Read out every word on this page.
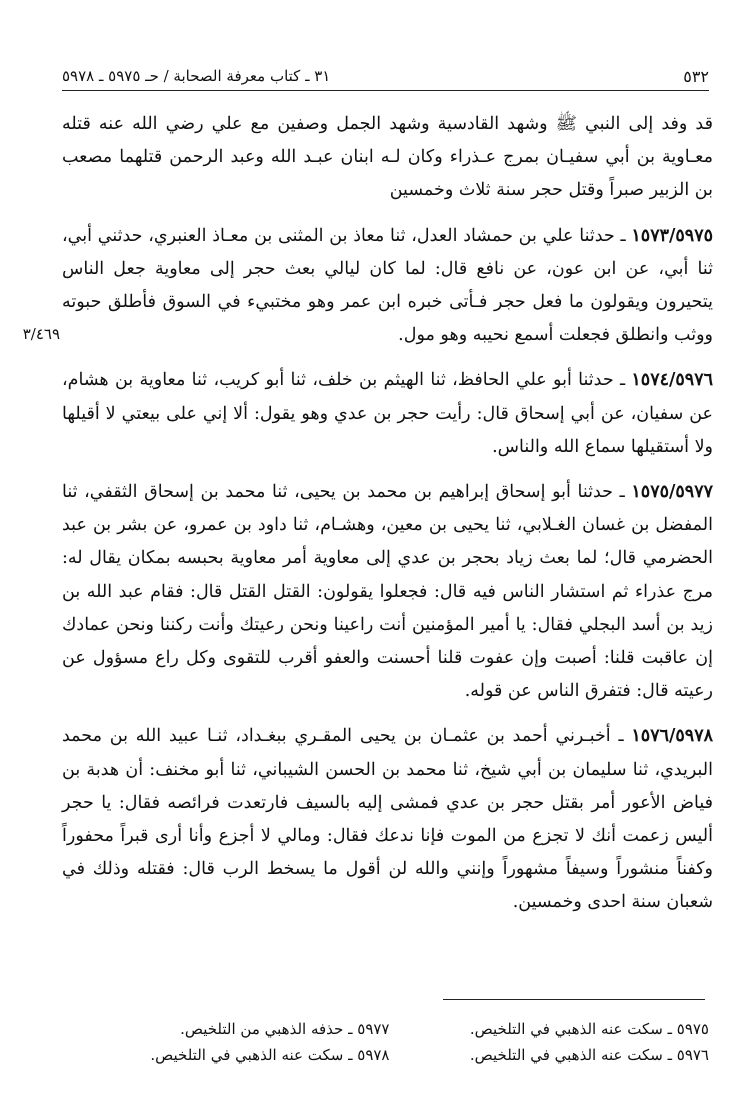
٥٣٢
٣١ ـ كتاب معرفة الصحابة / حـ ٥٩٧٥ ـ ٥٩٧٨

قد وفد إلى النبي ﷺ وشهد القادسية وشهد الجمل وصفين مع علي رضي الله عنه قتله معـاوية بن أبي سفيـان بمرج عـذراء وكان لـه ابنان عبـد الله وعبد الرحمن قتلهما مصعب بن الزبير صبراً وقتل حجر سنة ثلاث وخمسين

١٥٧٣/٥٩٧٥ ـ حدثنا علي بن حمشاد العدل، ثنا معاذ بن المثنى بن معـاذ العنبري، حدثني أبي، ثنا أبي، عن ابن عون، عن نافع قال: لما كان ليالي بعث حجر إلى معاوية جعل الناس يتحيرون ويقولون ما فعل حجر فـأتى خبره ابن عمر وهو مختبيء في السوق فأطلق حبوته ووثب وانطلق فجعلت أسمع نحيبه وهو مول.

١٥٧٤/٥٩٧٦ ـ حدثنا أبو علي الحافظ، ثنا الهيثم بن خلف، ثنا أبو كريب، ثنا معاوية بن هشام، عن سفيان، عن أبي إسحاق قال: رأيت حجر بن عدي وهو يقول: ألا إني على بيعتي لا أقيلها ولا أستقيلها سماع الله والناس.

١٥٧٥/٥٩٧٧ ـ حدثنا أبو إسحاق إبراهيم بن محمد بن يحيى، ثنا محمد بن إسحاق الثقفي، ثنا المفضل بن غسان الغـلابي، ثنا يحيى بن معين، وهشـام، ثنا داود بن عمرو، عن بشر بن عبد الحضرمي قال؛ لما بعث زياد بحجر بن عدي إلى معاوية أمر معاوية بحبسه بمكان يقال له: مرج عذراء ثم استشار الناس فيه قال: فجعلوا يقولون: القتل القتل قال: فقام عبد الله بن زيد بن أسد البجلي فقال: يا أمير المؤمنين أنت راعينا ونحن رعيتك وأنت ركننا ونحن عمادك إن عاقبت قلنا: أصبت وإن عفوت قلنا أحسنت والعفو أقرب للتقوى وكل راع مسؤول عن رعيته قال: فتفرق الناس عن قوله.

١٥٧٦/٥٩٧٨ ـ أخبـرني أحمد بن عثمـان بن يحيى المقـري ببغـداد، ثنـا عبيد الله بن محمد البريدي، ثنا سليمان بن أبي شيخ، ثنا محمد بن الحسن الشيباني، ثنا أبو مخنف: أن هدبة بن فياض الأعور أمر بقتل حجر بن عدي فمشى إليه بالسيف فارتعدت فرائصه فقال: يا حجر أليس زعمت أنك لا تجزع من الموت فإنا ندعك فقال: ومالي لا أجزع وأنا أرى قبراً محفوراً وكفناً منشوراً وسيفاً مشهوراً وإنني والله لن أقول ما يسخط الرب قال: فقتله وذلك في شعبان سنة احدى وخمسين.

٣/٤٦٩
٥٩٧٥ ـ سكت عنه الذهبي في التلخيص.
٥٩٧٧ ـ حذفه الذهبي من التلخيص.
٥٩٧٦ ـ سكت عنه الذهبي في التلخيص.
٥٩٧٨ ـ سكت عنه الذهبي في التلخيص.
